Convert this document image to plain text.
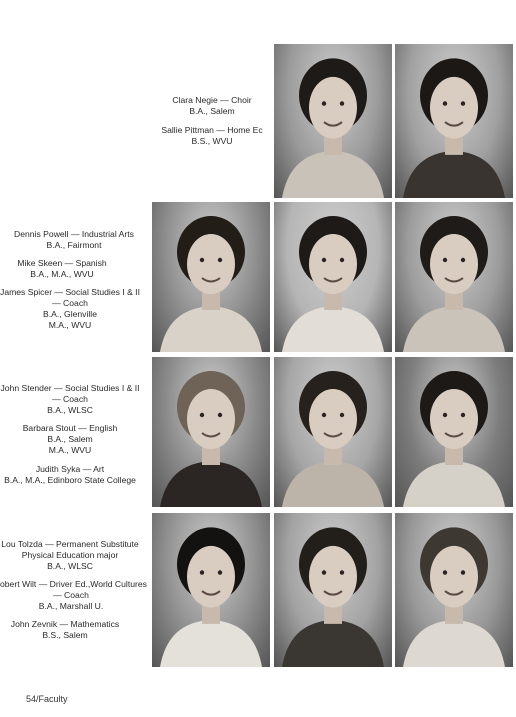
Clara Negie — Choir
B.A., Salem
Sallie Pittman — Home Ec
B.S., WVU
Dennis Powell — Industrial Arts
B.A., Fairmont
Mike Skeen — Spanish
B.A., M.A., WVU
James Spicer — Social Studies I & II
— Coach
B.A., Glenville
M.A., WVU
John Stender — Social Studies I & II
— Coach
B.A., WLSC
Barbara Stout — English
B.A., Salem
M.A., WVU
Judith Syka — Art
B.A., M.A., Edinboro State College
Lou Tolzda — Permanent Substitute
Physical Education major
B.A., WLSC
obert Wilt — Driver Ed.,World Cultures
— Coach
B.A., Marshall U.
John Zevnik — Mathematics
B.S., Salem
54/Faculty
